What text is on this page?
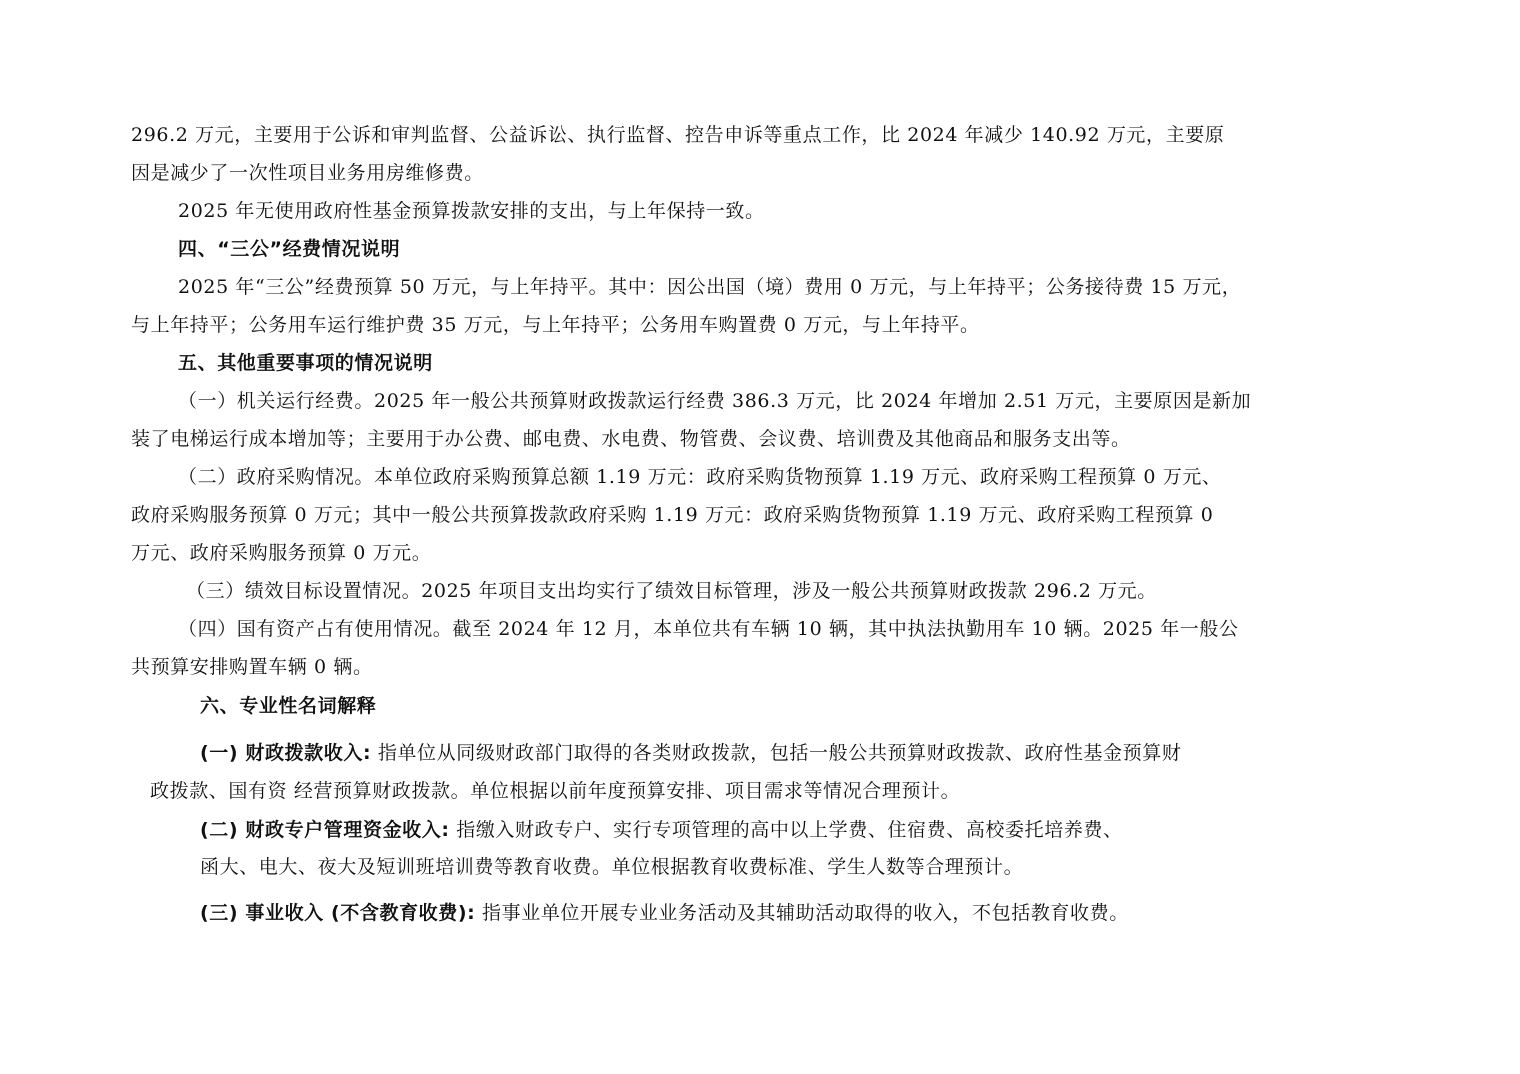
296.2 万元，主要用于公诉和审判监督、公益诉讼、执行监督、控告申诉等重点工作，比 2024 年减少 140.92 万元，主要原
因是减少了一次性项目业务用房维修费。
2025 年无使用政府性基金预算拨款安排的支出，与上年保持一致。
四、“三公”经费情况说明
2025 年“三公”经费预算 50 万元，与上年持平。其中：因公出国（境）费用 0 万元，与上年持平；公务接待费 15 万元，
与上年持平；公务用车运行维护费 35 万元，与上年持平；公务用车购置费 0 万元，与上年持平。
五、其他重要事项的情况说明
（一）机关运行经费。2025 年一般公共预算财政拨款运行经费 386.3 万元，比 2024 年增加 2.51 万元，主要原因是新加
装了电梯运行成本增加等；主要用于办公费、邮电费、水电费、物管费、会议费、培训费及其他商品和服务支出等。
（二）政府采购情况。本单位政府采购预算总额 1.19 万元：政府采购货物预算 1.19 万元、政府采购工程预算 0 万元、
政府采购服务预算 0 万元；其中一般公共预算拨款政府采购 1.19 万元：政府采购货物预算 1.19 万元、政府采购工程预算 0
万元、政府采购服务预算 0 万元。
（三）绩效目标设置情况。2025 年项目支出均实行了绩效目标管理，涉及一般公共预算财政拨款 296.2 万元。
（四）国有资产占有使用情况。截至 2024 年 12 月，本单位共有车辆 10 辆，其中执法执勤用车 10 辆。2025 年一般公
共预算安排购置车辆 0 辆。
六、专业性名词解释
(一) 财政拨款收入: 指单位从同级财政部门取得的各类财政拨款，包括一般公共预算财政拨款、政府性基金预算财
政拨款、国有资 经营预算财政拨款。单位根据以前年度预算安排、项目需求等情况合理预计。
(二) 财政专户管理资金收入: 指缴入财政专户、实行专项管理的高中以上学费、住宿费、高校委托培养费、
函大、电大、夜大及短训班培训费等教育收费。单位根据教育收费标准、学生人数等合理预计。
(三) 事业收入 (不含教育收费): 指事业单位开展专业业务活动及其辅助活动取得的收入，不包括教育收费。
